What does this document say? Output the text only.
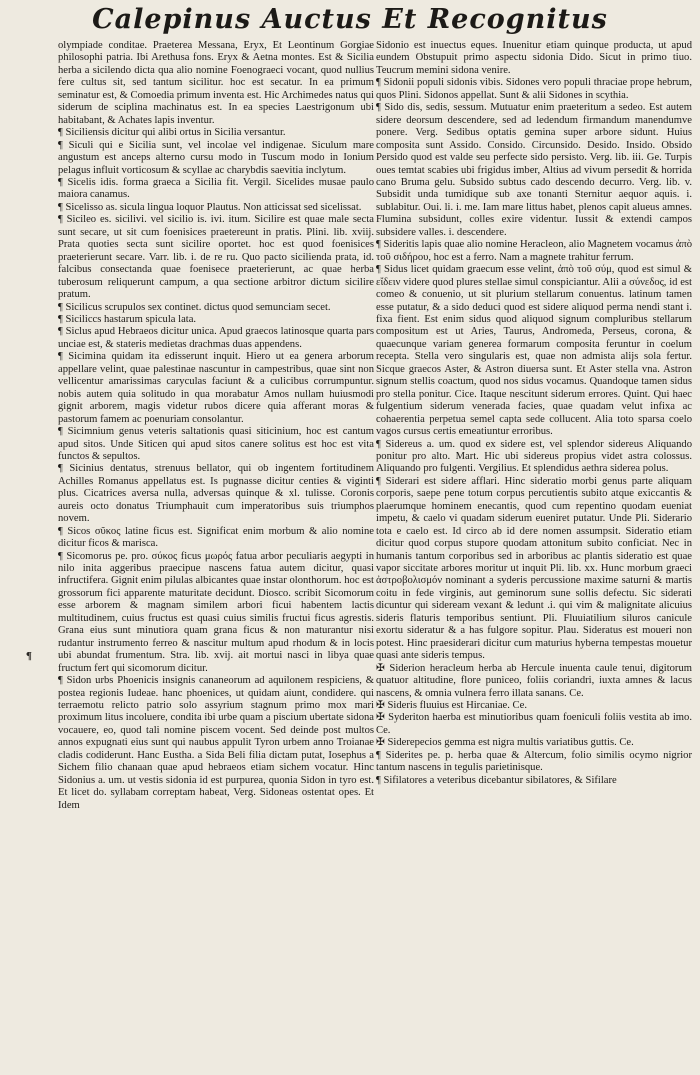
Calepinus Auctus Et Recognitus
¶

olympiade conditae. Praeterea Messana, Eryx, Et Leontinum Gorgiae philosophi patria. Ibi Arethusa fons. Eryx & Aetna montes. Est & Sicilia herba a sicilendo dicta qua alio nomine Foenograeci vocant, quod nullius fere cultus sit, sed tantum sicilitur. hoc est secatur. In ea primum seminatur est, & Comoedia primum inventa est. Hic Archimedes natus qui siderum de sciplina machinatus est. In ea species Laestrigonum ubi habitabant, & Achates lapis inventur.

¶ Siciliensis dicitur qui alibi ortus in Sicilia versantur.

¶ Siculi qui e Sicilia sunt, vel incolae vel indigenae. Siculum mare angustum est anceps alterno cursu modo in Tuscum modo in Ionium pelagus influit vorticosum & scyllae ac charybdis saevitia inclytum.

¶ Sicelis idis. forma graeca a Sicilia fit. Vergil. Sicelides musae paulo maiora canamus.

¶ Sicelisso as. sicula lingua loquor Plautus. Non atticissat sed sicelissat.

¶ Sicileo es. sicilivi. vel sicilio is. ivi. itum. Sicilire est quae male secta sunt secare, ut sit cum foenisices praetereunt in pratis. Plini. lib. xviij. Prata quoties secta sunt sicilire oportet. hoc est quod foenisices praeterierunt secare. Varr. lib. i. de re ru. Quo pacto sicilienda prata, id. falcibus consectanda quae foenisece praeterierunt, ac quae herba tuberosum reliquerunt campum, a qua sectione arbitror dictum sicilire pratum.

¶ Sicilicus scrupulos sex continet. dictus quod semunciam secet.

¶ Siciliccs hastarum spicula lata.

¶ Siclus apud Hebraeos dicitur unica. Apud graecos latinosque quarta pars unciae est, & stateris medietas drachmas duas appendens.

¶ Sicimina quidam ita edisserunt inquit. Hiero ut ea genera arborum appellare velint, quae palestinae nascuntur in campestribus, quae sint non vellicentur amarissimas caryculas faciunt & a culicibus corrumpuntur. nobis autem quia solitudo in qua morabatur Amos nullam huiusmodi gignit arborem, magis videtur rubos dicere quia afferant moras & pastorum famem ac poenuriam consolantur.

¶ Sicimnium genus veteris saltationis quasi siticinium, hoc est cantum apud sitos. Unde Siticen qui apud sitos canere solitus est hoc est vita functos & sepultos.

¶ Sicinius dentatus, strenuus bellator, qui ob ingentem fortitudinem Achilles Romanus appellatus est. Is pugnasse dicitur centies & viginti plus. Cicatrices aversa nulla, adversas quinque & xl. tulisse. Coronis aureis octo donatus Triumphauit cum imperatoribus suis triumphos novem.

¶ Sicos σῦκος latine ficus est. Significat enim morbum & alio nomine dicitur ficos & marisca.

¶ Sicomorus pe. pro. σύκος ficus μωρός fatua arbor peculiaris aegypti in nilo inita aggeribus praecipue nascens fatua autem dicitur, quasi infructifera. Gignit enim pilulas albicantes quae instar olonthorum. hoc est grossorum fici apparente maturitate decidunt. Diosco. scribit Sicomorum esse arborem & magnam similem arbori ficui habentem lactis multitudinem, cuius fructus est quasi cuius similis fructui ficus agrestis. Grana eius sunt minutiora quam grana ficus & non maturantur nisi rudantur instrumento ferreo & nascitur multum apud rhodum & in locis ubi abundat frumentum. Stra. lib. xvij. ait mortui nasci in libya quae fructum fert qui sicomorum dicitur.

¶ Sidon urbs Phoenicis insignis cananeorum ad aquilonem respiciens, & postea regionis Iudeae. hanc phoenices, ut quidam aiunt, condidere. qui terraemotu relicto patrio solo assyrium stagnum primo mox mari proximum litus incoluere, condita ibi urbe quam a piscium ubertate sidona vocauere, eo, quod tali nomine piscem vocent. Sed deinde post multos annos expugnati eius sunt qui naubus appulit Tyron urbem anno Troianae cladis codiderunt. Hanc Eustha. a Sida Beli filia dictam putat, Iosephus a Sichem filio chanaan quae apud hebraeos etiam sichem vocatur. Hinc Sidonius a. um. ut vestis sidonia id est purpurea, quonia Sidon in tyro est. Et licet do. syllabam correptam habeat, Verg. Sidoneas ostentat opes. Et Idem

Sidonio est inuectus eques. Inuenitur etiam quinque producta, ut apud eundem Obstupuit primo aspectu sidonia Dido. Sicut in primo tiuo. Teucrum memini sidona venire.

¶ Sidonii populi sidonis vibis. Sidones vero populi thraciae prope hebrum, quos Plini. Sidonos appellat. Sunt & alii Sidones in scythia.

¶ Sido dis, sedis, sessum. Mutuatur enim praeteritum a sedeo. Est autem sidere deorsum descendere, sed ad ledendum firmandum manendumve ponere. Verg. Sedibus optatis gemina super arbore sidunt. Huius composita sunt Assido. Consido. Circunsido. Desido. Insido. Obsido Persido quod est valde seu perfecte sido persisto. Verg. lib. iii. Ge. Turpis oues temtat scabies ubi frigidus imber, Altius ad vivum persedit & horrida cano Bruma gelu. Subsido subtus cado descendo decurro. Verg. lib. v. Subsidit unda tumidique sub axe tonanti Sternitur aequor aquis. i. sublabitur. Oui. li. i. me. Iam mare littus habet, plenos capit alueus amnes. Flumina subsidunt, colles exire videntur. Iussit & extendi campos subsidere valles. i. descendere.

¶ Sideritis lapis quae alio nomine Heracleon, alio Magnetem vocamus ἀπὸ τοῦ σιδήρου, hoc est a ferro. Nam a magnete trahitur ferrum.

¶ Sidus licet quidam graecum esse velint, ἀπὸ τοῦ σύμ, quod est simul & εἴδειν videre quod plures stellae simul conspiciantur. Alii a σύνεδος, id est comeo & conuenio, ut sit plurium stellarum conuentus. latinum tamen esse putatur, & a sido deduci quod est sidere aliquod perma nendi stant i. fixa fient. Est enim sidus quod aliquod signum compluribus stellarum compositum est ut Aries, Taurus, Andromeda, Perseus, corona, & quaecunque variam generea formarum composita feruntur in coelum recepta. Stella vero singularis est, quae non admista alijs sola fertur. Sicque graecos Aster, & Astron diuersa sunt. Et Aster stella vna. Astron signum stellis coactum, quod nos sidus vocamus. Quandoque tamen sidus pro stella ponitur. Cice. Itaque nescitunt siderum errores. Quint. Qui haec fulgentium siderum venerada facies, quae quadam velut infixa ac cohaerentia perpetua semel capta sede collucent. Alia toto sparsa coelo vagos cursus certis emeatiuntur erroribus.

¶ Sidereus a. um. quod ex sidere est, vel splendor sidereus Aliquando ponitur pro alto. Mart. Hic ubi sidereus propius videt astra colossus. Aliquando pro fulgenti. Vergilius. Et splendidus aethra siderea polus.

¶ Siderari est sidere afflari. Hinc sideratio morbi genus parte aliquam corporis, saepe pene totum corpus percutientis subito atque exiccantis & plaerumque hominem enecantis, quod cum repentino quodam eueniat impetu, & caelo vi quadam siderum eueniret putatur. Unde Pli. Siderario tota e caelo est. Id circo ab id dere nomen assumpsit. Sideratio etiam dicitur quod corpus stupore quodam attonitum subito conficiat. Nec in humanis tantum corporibus sed in arboribus ac plantis sideratio est quae vapor siccitate arbores moritur ut inquit Pli. lib. xx. Hunc morbum graeci ἀστροβολισμόν nominant a syderis percussione maxime saturni & martis coitu in fede virginis, aut geminorum sune sollis defectu. Sic siderati dicuntur qui sideream vexant & ledunt .i. qui vim & malignitate alicuius sideris flaturis temporibus sentiunt. Pli. Fluuiatilium siluros canicule exortu sideratur & a has fulgore sopitur. Plau. Sideratus est moueri non potest. Hinc praesiderari dicitur cum maturius hyberna tempestas mouetur quasi ante sideris tempus.

✠ Siderion heracleum herba ab Hercule inuenta caule tenui, digitorum quatuor altitudine, flore puniceo, foliis coriandri, iuxta amnes & lacus nascens, & omnia vulnera ferro illata sanans. Ce.

✠ Sideris fluuius est Hircaniae. Ce.

✠ Syderiton haerba est minutioribus quam foeniculi foliis vestita ab imo. Ce.

✠ Siderepecios gemma est nigra multis variatibus guttis. Ce.

¶ Siderites pe. p. herba quae & Altercum, folio similis ocymo nigrior tantum nascens in tegulis parietinisque.

¶ Sifilatores a veteribus dicebantur sibilatores, & Sifilare
